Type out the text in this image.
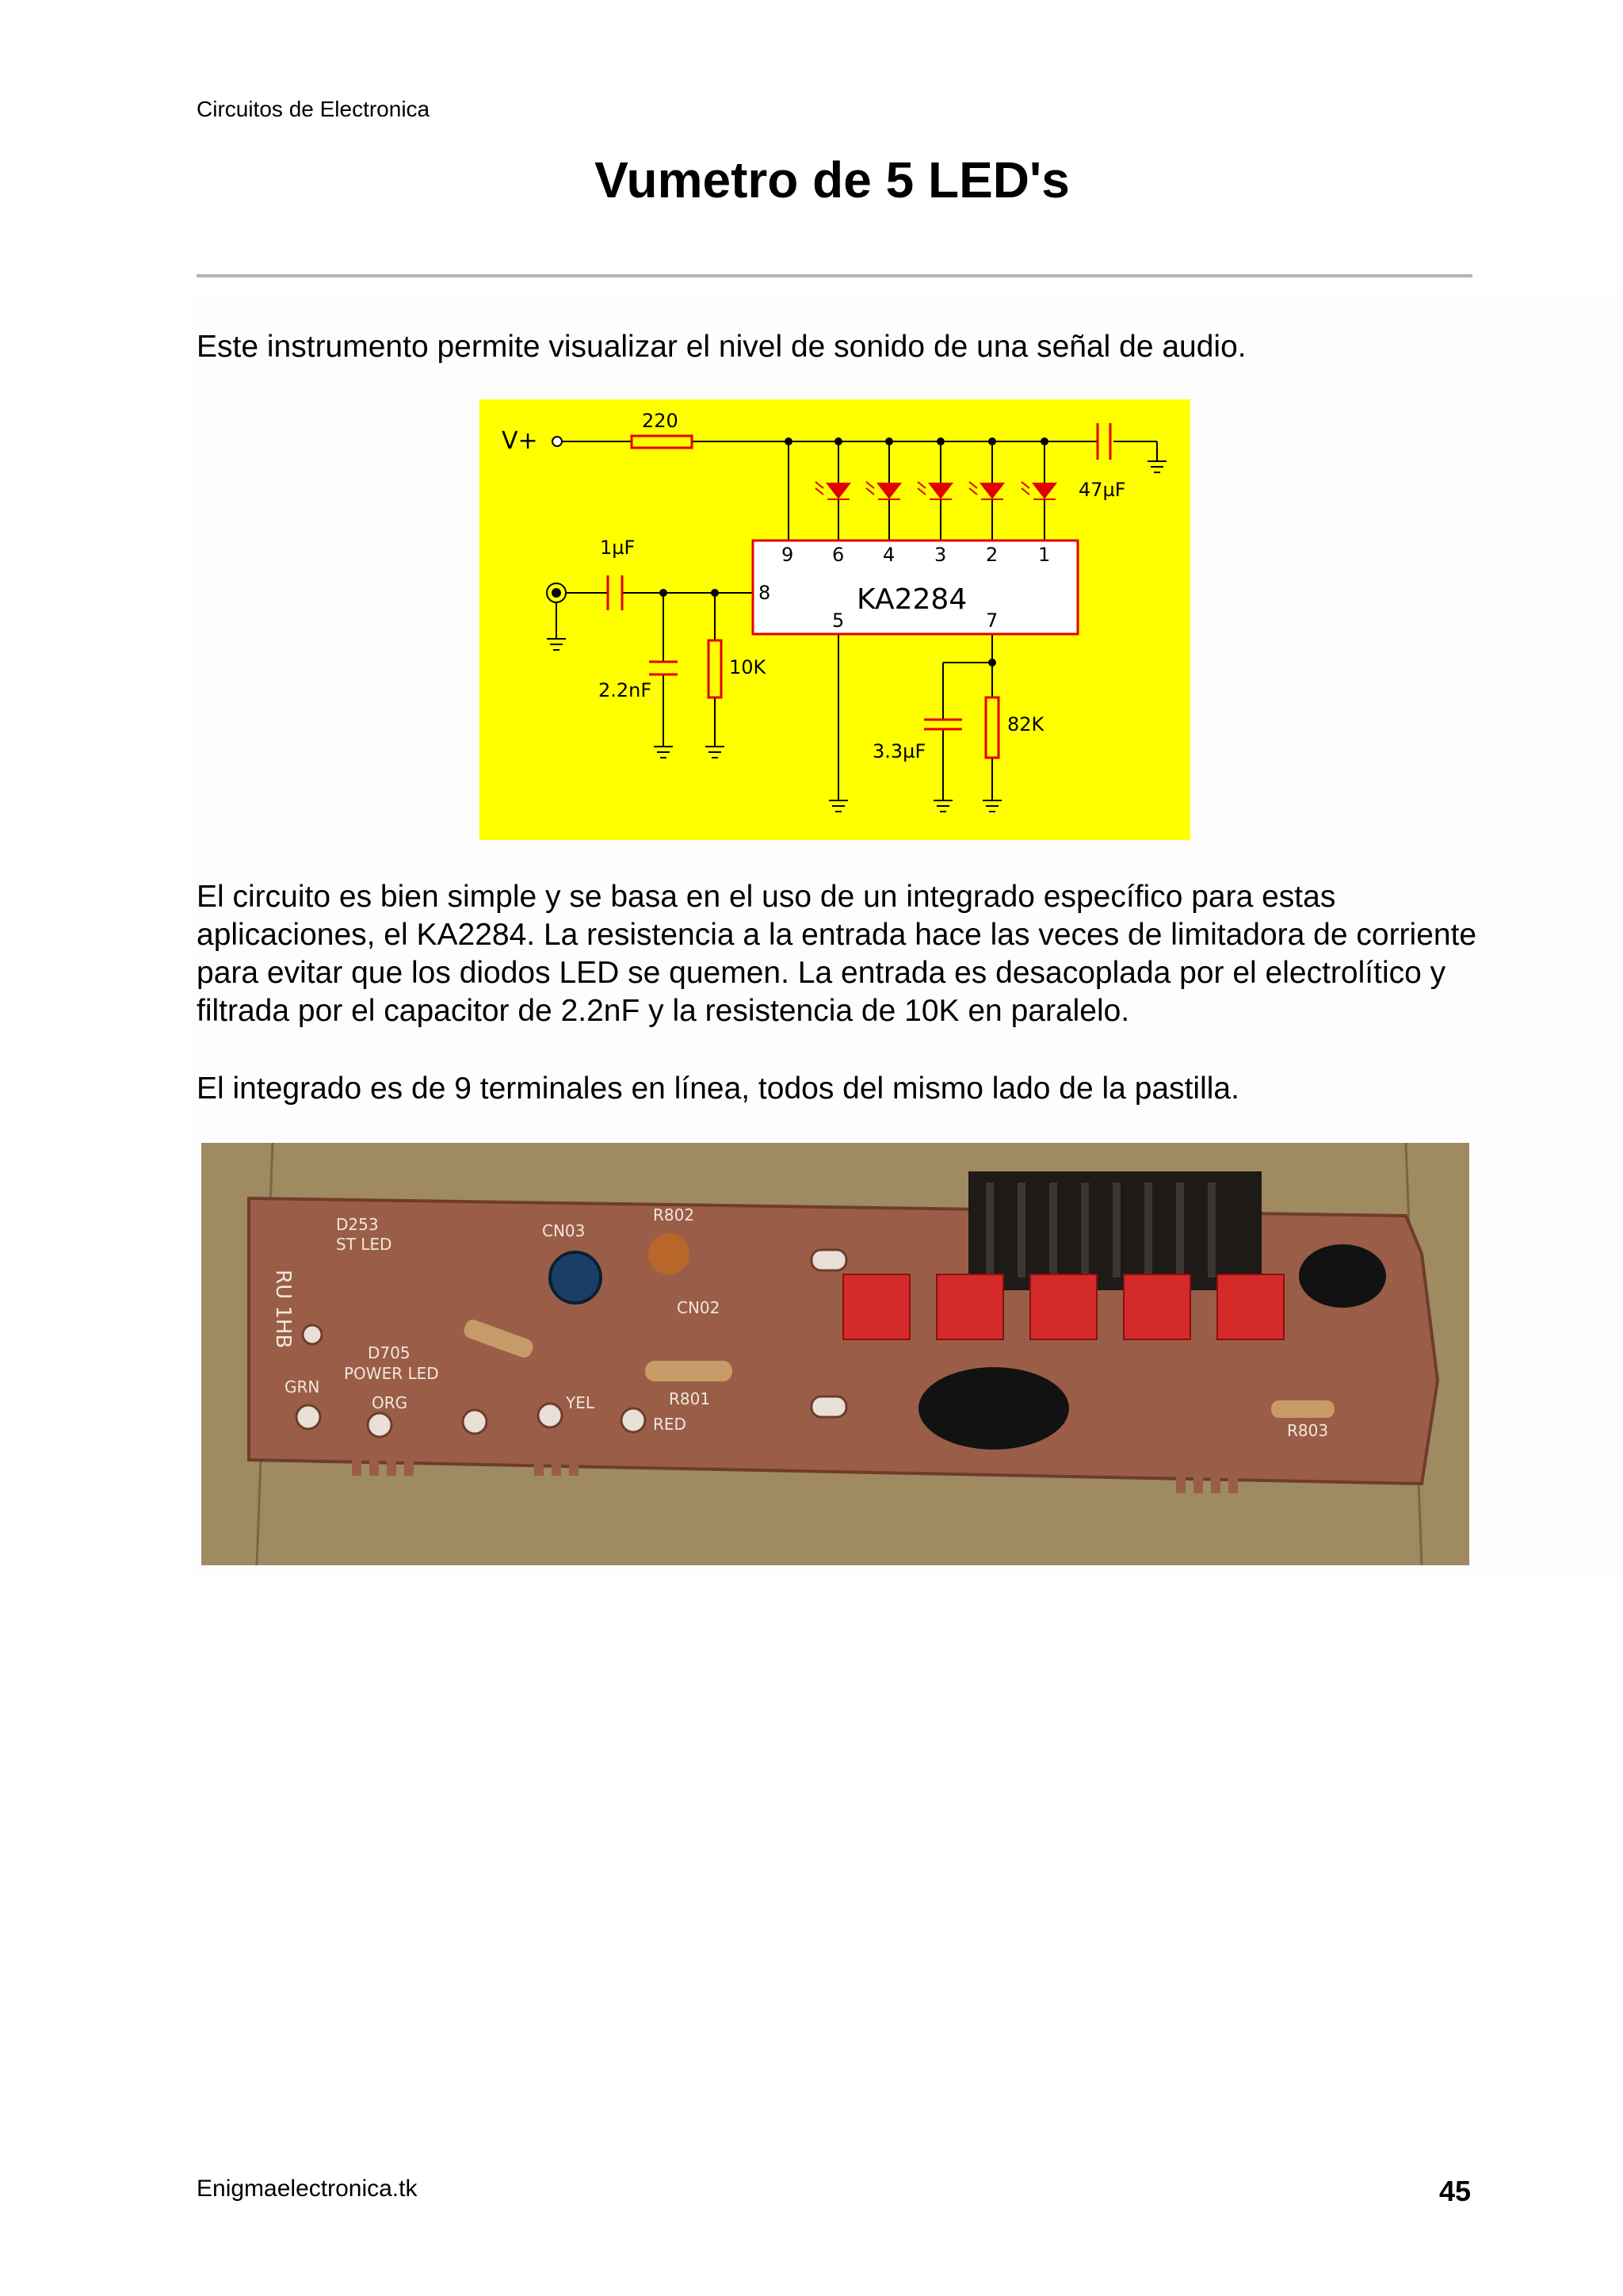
Circuitos de Electronica
Vumetro de 5 LED's
Este instrumento permite visualizar el nivel de sonido de una señal de audio.
V+
220
47µF
1µF
2.2nF
10K
KA2284
9 6 4 3 2 1
8
5	7
3.3µF
82K
El circuito es bien simple y se basa en el uso de un integrado específico para estas aplicaciones, el KA2284. La resistencia a la entrada hace las veces de limitadora de corriente para evitar que los diodos LED se quemen. La entrada es desacoplada por el electrolítico y filtrada por el capacitor de 2.2nF y la resistencia de 10K en paralelo.
El integrado es de 9 terminales en línea, todos del mismo lado de la pastilla.
D253
ST LED
D705
POWER LED
CN03
R802
CN02
R801
R803
GRN
ORG	YEL
RED
RU 1HB
Enigmaelectronica.tk	45
